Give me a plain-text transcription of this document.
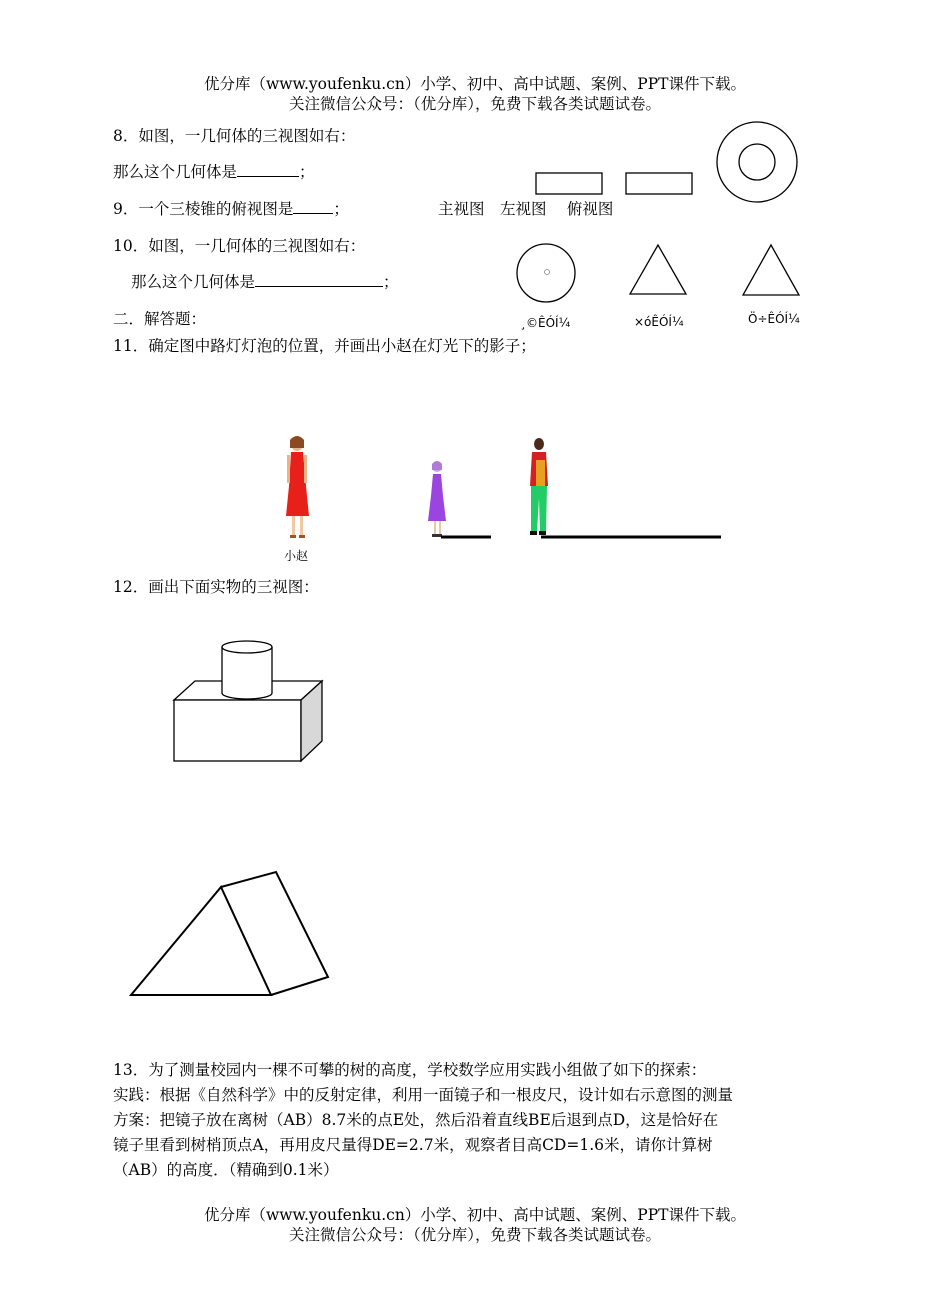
优分库（www.youfenku.cn）小学、初中、高中试题、案例、PPT课件下载。
关注微信公众号：（优分库），免费下载各类试题试卷。
8．如图，一几何体的三视图如右：
那么这个几何体是	；
主视图　左视图　 俯视图
9．一个三棱锥的俯视图是	；
10．如图，一几何体的三视图如右：
那么这个几何体是	；
¸©ÊÓÍ¼	×óÊÓÍ¼	Ö÷ÊÓÍ¼
二．解答题：
11．确定图中路灯灯泡的位置，并画出小赵在灯光下的影子；
小赵
12．画出下面实物的三视图：
13．为了测量校园内一棵不可攀的树的高度，学校数学应用实践小组做了如下的探索：
实践：根据《自然科学》中的反射定律，利用一面镜子和一根皮尺，设计如右示意图的测量
方案：把镜子放在离树（AB）8.7米的点E处，然后沿着直线BE后退到点D，这是恰好在
镜子里看到树梢顶点A，再用皮尺量得DE=2.7米，观察者目高CD=1.6米，请你计算树
（AB）的高度．（精确到0.1米）
优分库（www.youfenku.cn）小学、初中、高中试题、案例、PPT课件下载。
关注微信公众号：（优分库），免费下载各类试题试卷。
